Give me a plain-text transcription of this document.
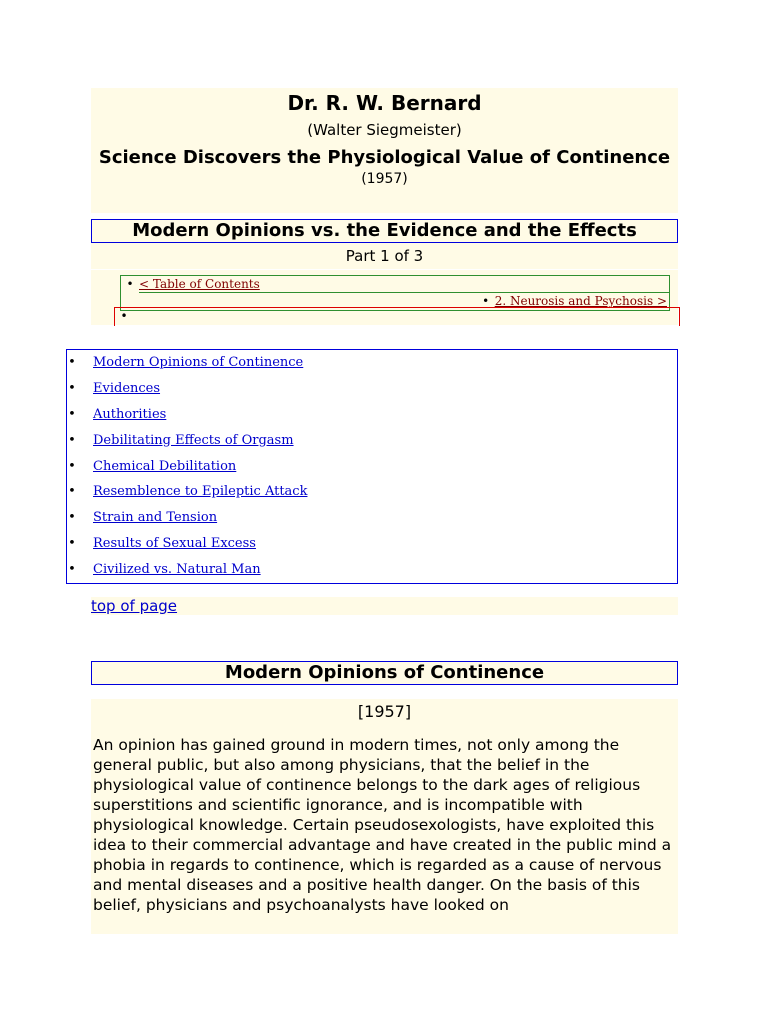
Dr. R. W. Bernard
(Walter Siegmeister)
Science Discovers the Physiological Value of Continence
(1957)
Modern Opinions vs. the Evidence and the Effects
Part 1 of 3
• < Table of Contents
• 2. Neurosis and Psychosis >
•
• Modern Opinions of Continence
• Evidences
• Authorities
• Debilitating Effects of Orgasm
• Chemical Debilitation
• Resemblence to Epileptic Attack
• Strain and Tension
• Results of Sexual Excess
• Civilized vs. Natural Man
top of page
Modern Opinions of Continence
[1957]
An opinion has gained ground in modern times, not only among the general public, but also among physicians, that the belief in the physiological value of continence belongs to the dark ages of religious superstitions and scientific ignorance, and is incompatible with physiological knowledge. Certain pseudosexologists, have exploited this idea to their commercial advantage and have created in the public mind a phobia in regards to continence, which is regarded as a cause of nervous and mental diseases and a positive health danger. On the basis of this belief, physicians and psychoanalysts have looked on
